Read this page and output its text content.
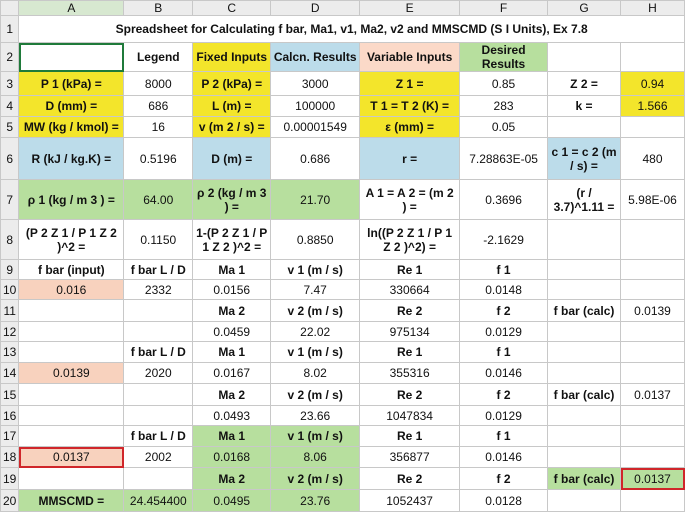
	A	B	C	D	E	F	G	H
1	Spreadsheet for Calculating f bar, Ma1, v1, Ma2, v2 and MMSCMD (S I Units), Ex 7.8							
2		Legend	Fixed Inputs	Calcn. Results	Variable Inputs	Desired Results		
3	P 1 (kPa) =	8000	P 2 (kPa) =	3000	Z 1 =	0.85	Z 2 =	0.94
4	D (mm) =	686	L (m) =	100000	T 1 = T 2 (K) =	283	k =	1.566
5	MW (kg / kmol) =	16	v (m 2 / s) =	0.00001549	ε (mm) =	0.05		
6	R (kJ / kg.K) =	0.5196	D (m) =	0.686	r =	7.28863E-05	c 1 = c 2 (m / s) =	480
7	ρ 1 (kg / m 3 ) =	64.00	ρ 2 (kg / m 3 ) =	21.70	A 1 = A 2 = (m 2 ) =	0.3696	(r / 3.7)^1.11 =	5.98E-06
8	(P 2 Z 1 / P 1 Z 2 )^2 =	0.1150	1-(P 2 Z 1 / P 1 Z 2 )^2 =	0.8850	ln((P 2 Z 1 / P 1 Z 2 )^2) =	-2.1629		
9	f bar (input)	f bar L / D	Ma 1	v 1 (m / s)	Re 1	f 1		
10	0.016	2332	0.0156	7.47	330664	0.0148		
11			Ma 2	v 2 (m / s)	Re 2	f 2	f bar (calc)	0.0139
12			0.0459	22.02	975134	0.0129		
13		f bar L / D	Ma 1	v 1 (m / s)	Re 1	f 1		
14	0.0139	2020	0.0167	8.02	355316	0.0146		
15			Ma 2	v 2 (m / s)	Re 2	f 2	f bar (calc)	0.0137
16			0.0493	23.66	1047834	0.0129		
17		f bar L / D	Ma 1	v 1 (m / s)	Re 1	f 1		
18	0.0137	2002	0.0168	8.06	356877	0.0146		
19			Ma 2	v 2 (m / s)	Re 2	f 2	f bar (calc)	0.0137
20	MMSCMD =	24.454400	0.0495	23.76	1052437	0.0128		
